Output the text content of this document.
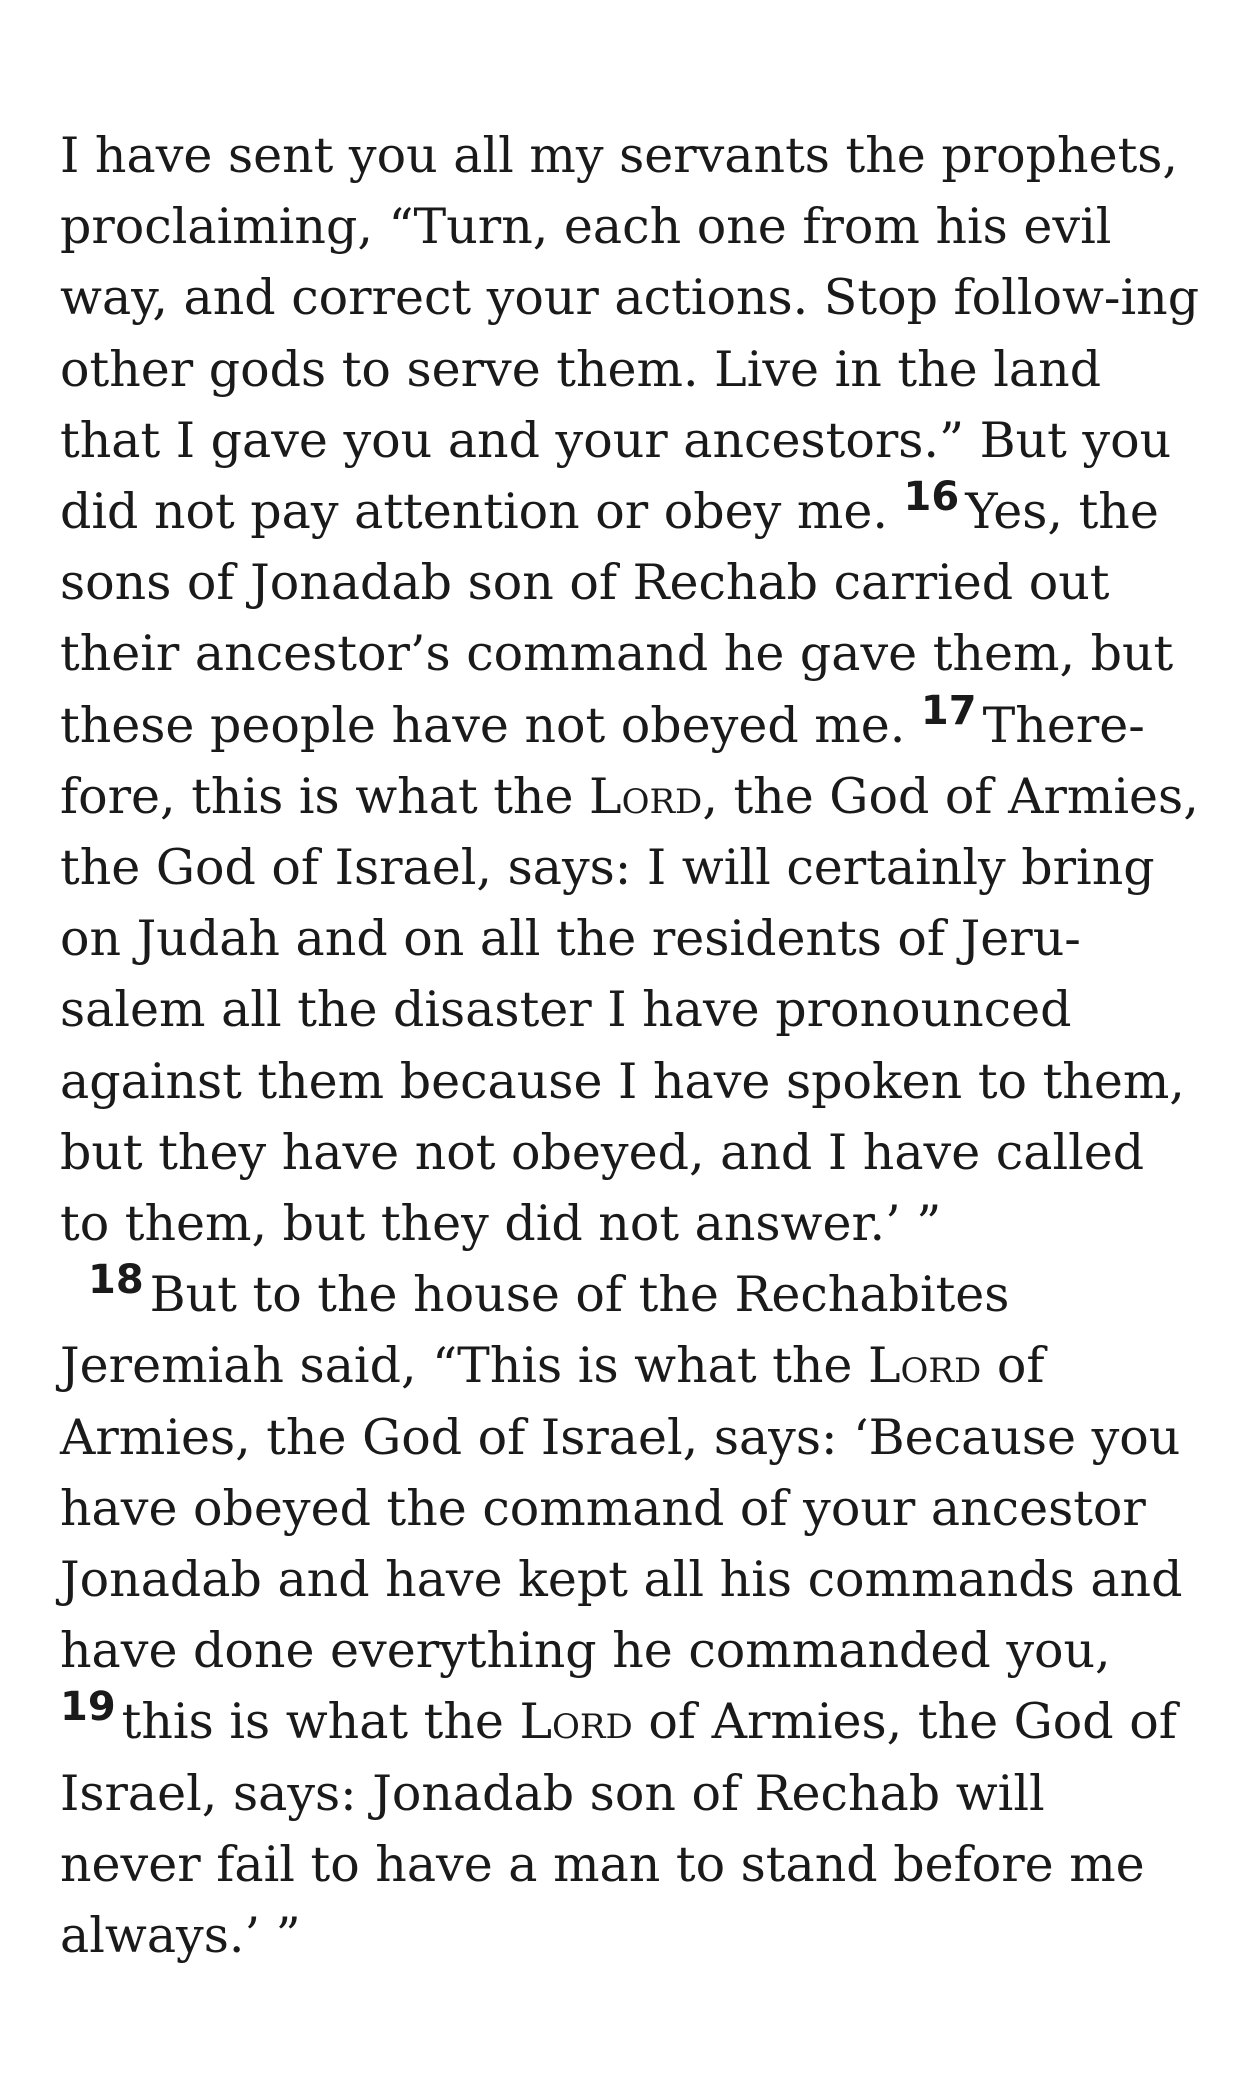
I have sent you all my servants the prophets, proclaiming, “Turn, each one from his evil way, and correct your actions. Stop follow-ing other gods to serve them. Live in the land that I gave you and your ancestors.” But you did not pay attention or obey me. $^{16}$ Yes, the sons of Jonadab son of Rechab carried out their ancestor’s command he gave them, but these people have not obeyed me. $^{17}$ There-fore, this is what the Lord, the God of Armies, the God of Israel, says: I will certainly bring on Judah and on all the residents of Jeru-salem all the disaster I have pronounced against them because I have spoken to them, but they have not obeyed, and I have called to them, but they did not answer.’ ”

$^{18}$ But to the house of the Rechabites Jeremiah said, “This is what the Lord of Armies, the God of Israel, says: ‘Because you have obeyed the command of your ancestor Jonadab and have kept all his commands and have done everything he commanded you, $^{19}$ this is what the Lord of Armies, the God of Israel, says: Jonadab son of Rechab will never fail to have a man to stand before me always.’ ”
